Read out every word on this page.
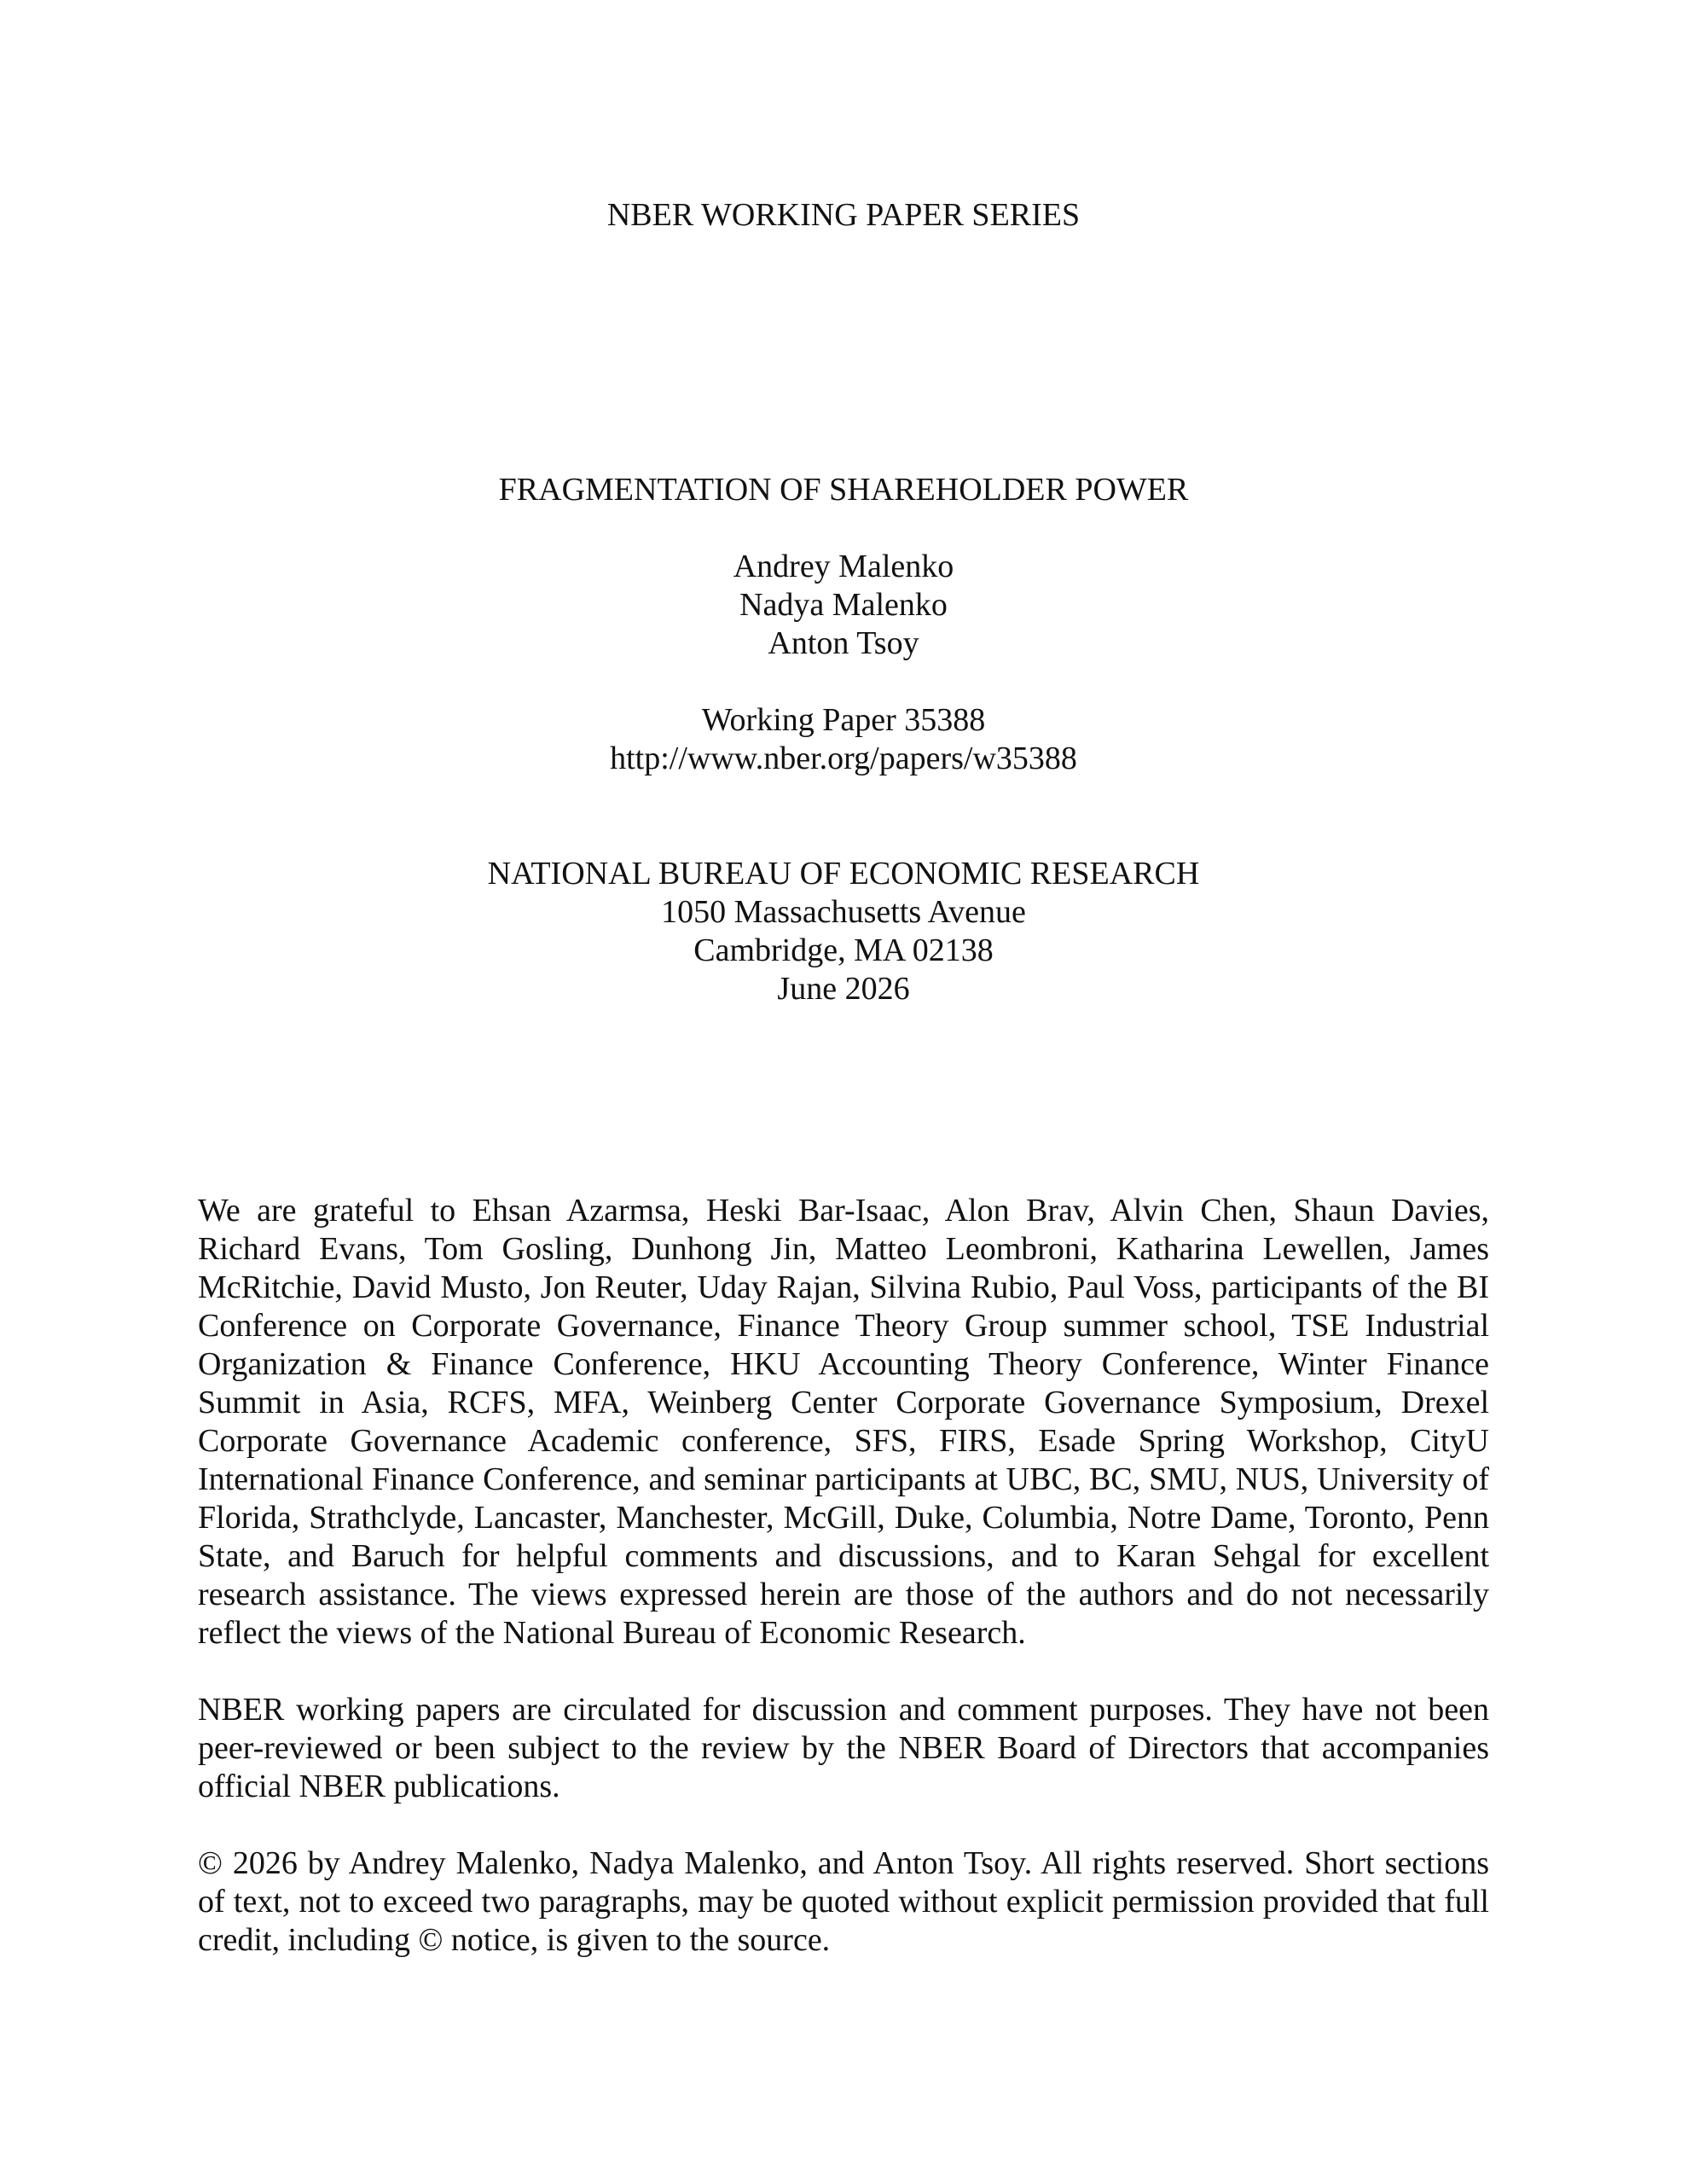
NBER WORKING PAPER SERIES

FRAGMENTATION OF SHAREHOLDER POWER

Andrey Malenko

Nadya Malenko

Anton Tsoy

Working Paper 35388

http://www.nber.org/papers/w35388

NATIONAL BUREAU OF ECONOMIC RESEARCH

1050 Massachusetts Avenue

Cambridge, MA 02138

June 2026

We are grateful to Ehsan Azarmsa, Heski Bar-Isaac, Alon Brav, Alvin Chen, Shaun Davies, Richard Evans, Tom Gosling, Dunhong Jin, Matteo Leombroni, Katharina Lewellen, James McRitchie, David Musto, Jon Reuter, Uday Rajan, Silvina Rubio, Paul Voss, participants of the BI Conference on Corporate Governance, Finance Theory Group summer school, TSE Industrial Organization & Finance Conference, HKU Accounting Theory Conference, Winter Finance Summit in Asia, RCFS, MFA, Weinberg Center Corporate Governance Symposium, Drexel Corporate Governance Academic conference, SFS, FIRS, Esade Spring Workshop, CityU International Finance Conference, and seminar participants at UBC, BC, SMU, NUS, University of Florida, Strathclyde, Lancaster, Manchester, McGill, Duke, Columbia, Notre Dame, Toronto, Penn State, and Baruch for helpful comments and discussions, and to Karan Sehgal for excellent research assistance. The views expressed herein are those of the authors and do not necessarily reflect the views of the National Bureau of Economic Research.

NBER working papers are circulated for discussion and comment purposes. They have not been peer-reviewed or been subject to the review by the NBER Board of Directors that accompanies official NBER publications.

© 2026 by Andrey Malenko, Nadya Malenko, and Anton Tsoy. All rights reserved. Short sections of text, not to exceed two paragraphs, may be quoted without explicit permission provided that full credit, including © notice, is given to the source.
